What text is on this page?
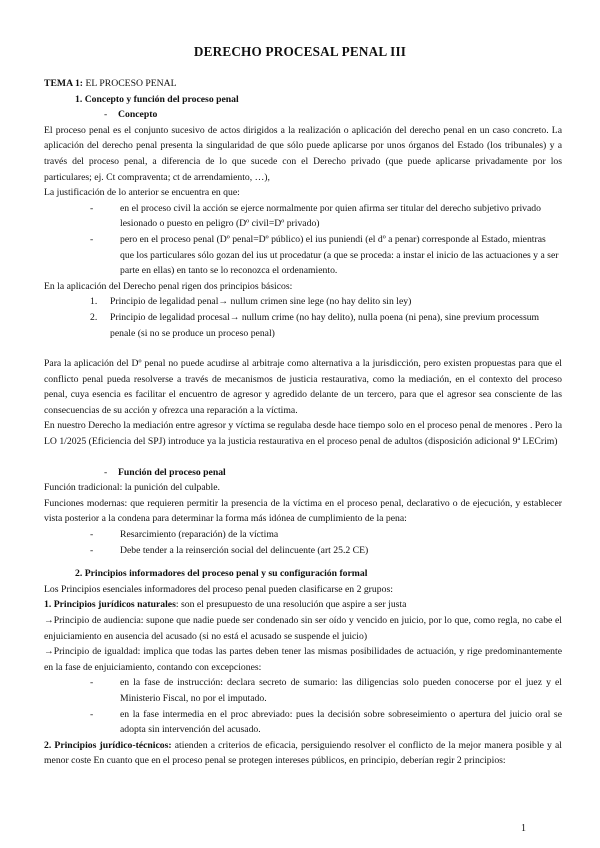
DERECHO PROCESAL PENAL III

TEMA 1: EL PROCESO PENAL

1. Concepto y función del proceso penal

-	Concepto

El proceso penal es el conjunto sucesivo de actos dirigidos a la realización o aplicación del derecho penal en un caso concreto. La aplicación del derecho penal presenta la singularidad de que sólo puede aplicarse por unos órganos del Estado (los tribunales) y a través del proceso penal, a diferencia de lo que sucede con el Derecho privado (que puede aplicarse privadamente por los particulares; ej. Ct compraventa; ct de arrendamiento, …),

La justificación de lo anterior se encuentra en que:

-	en el proceso civil la acción se ejerce normalmente por quien afirma ser titular del derecho subjetivo privado lesionado o puesto en peligro (Dº civil=Dº privado)
-	pero en el proceso penal (Dº penal=Dº público) el ius puniendi (el dº a penar) corresponde al Estado, mientras que los particulares sólo gozan del ius ut procedatur (a que se proceda: a instar el inicio de las actuaciones y a ser parte en ellas) en tanto se lo reconozca el ordenamiento.

En la aplicación del Derecho penal rigen dos principios básicos:

1.	Principio de legalidad penal→ nullum crimen sine lege (no hay delito sin ley)
2.	Principio de legalidad procesal→ nullum crime (no hay delito), nulla poena (ni pena), sine previum processum penale (si no se produce un proceso penal)

Para la aplicación del Dº penal no puede acudirse al arbitraje como alternativa a la jurisdicción, pero existen propuestas para que el conflicto penal pueda resolverse a través de mecanismos de justicia restaurativa, como la mediación, en el contexto del proceso penal, cuya esencia es facilitar el encuentro de agresor y agredido delante de un tercero, para que el agresor sea consciente de las consecuencias de su acción y ofrezca una reparación a la víctima.

En nuestro Derecho la mediación entre agresor y víctima se regulaba desde hace tiempo solo en el proceso penal de menores . Pero la LO 1/2025 (Eficiencia del SPJ) introduce ya la justicia restaurativa en el proceso penal de adultos (disposición adicional 9ª LECrim)

-	Función del proceso penal

Función tradicional: la punición del culpable.

Funciones modernas: que requieren permitir la presencia de la víctima en el proceso penal, declarativo o de ejecución, y establecer vista posterior a la condena para determinar la forma más idónea de cumplimiento de la pena:

-	Resarcimiento (reparación) de la víctima
-	Debe tender a la reinserción social del delincuente (art 25.2 CE)

2. Principios informadores del proceso penal y su configuración formal

Los Principios esenciales informadores del proceso penal pueden clasificarse en 2 grupos:

1. Principios jurídicos naturales: son el presupuesto de una resolución que aspire a ser justa

→Principio de audiencia: supone que nadie puede ser condenado sin ser oído y vencido en juicio, por lo que, como regla, no cabe el enjuiciamiento en ausencia del acusado (si no está el acusado se suspende el juicio)

→Principio de igualdad: implica que todas las partes deben tener las mismas posibilidades de actuación, y rige predominantemente en la fase de enjuiciamiento, contando con excepciones:

-	en la fase de instrucción: declara secreto de sumario: las diligencias solo pueden conocerse por el juez y el Ministerio Fiscal, no por el imputado.
-	en la fase intermedia en el proc abreviado: pues la decisión sobre sobreseimiento o apertura del juicio oral se adopta sin intervención del acusado.

2. Principios jurídico-técnicos: atienden a criterios de eficacia, persiguiendo resolver el conflicto de la mejor manera posible y al menor coste En cuanto que en el proceso penal se protegen intereses públicos, en principio, deberían regir 2 principios:

1
